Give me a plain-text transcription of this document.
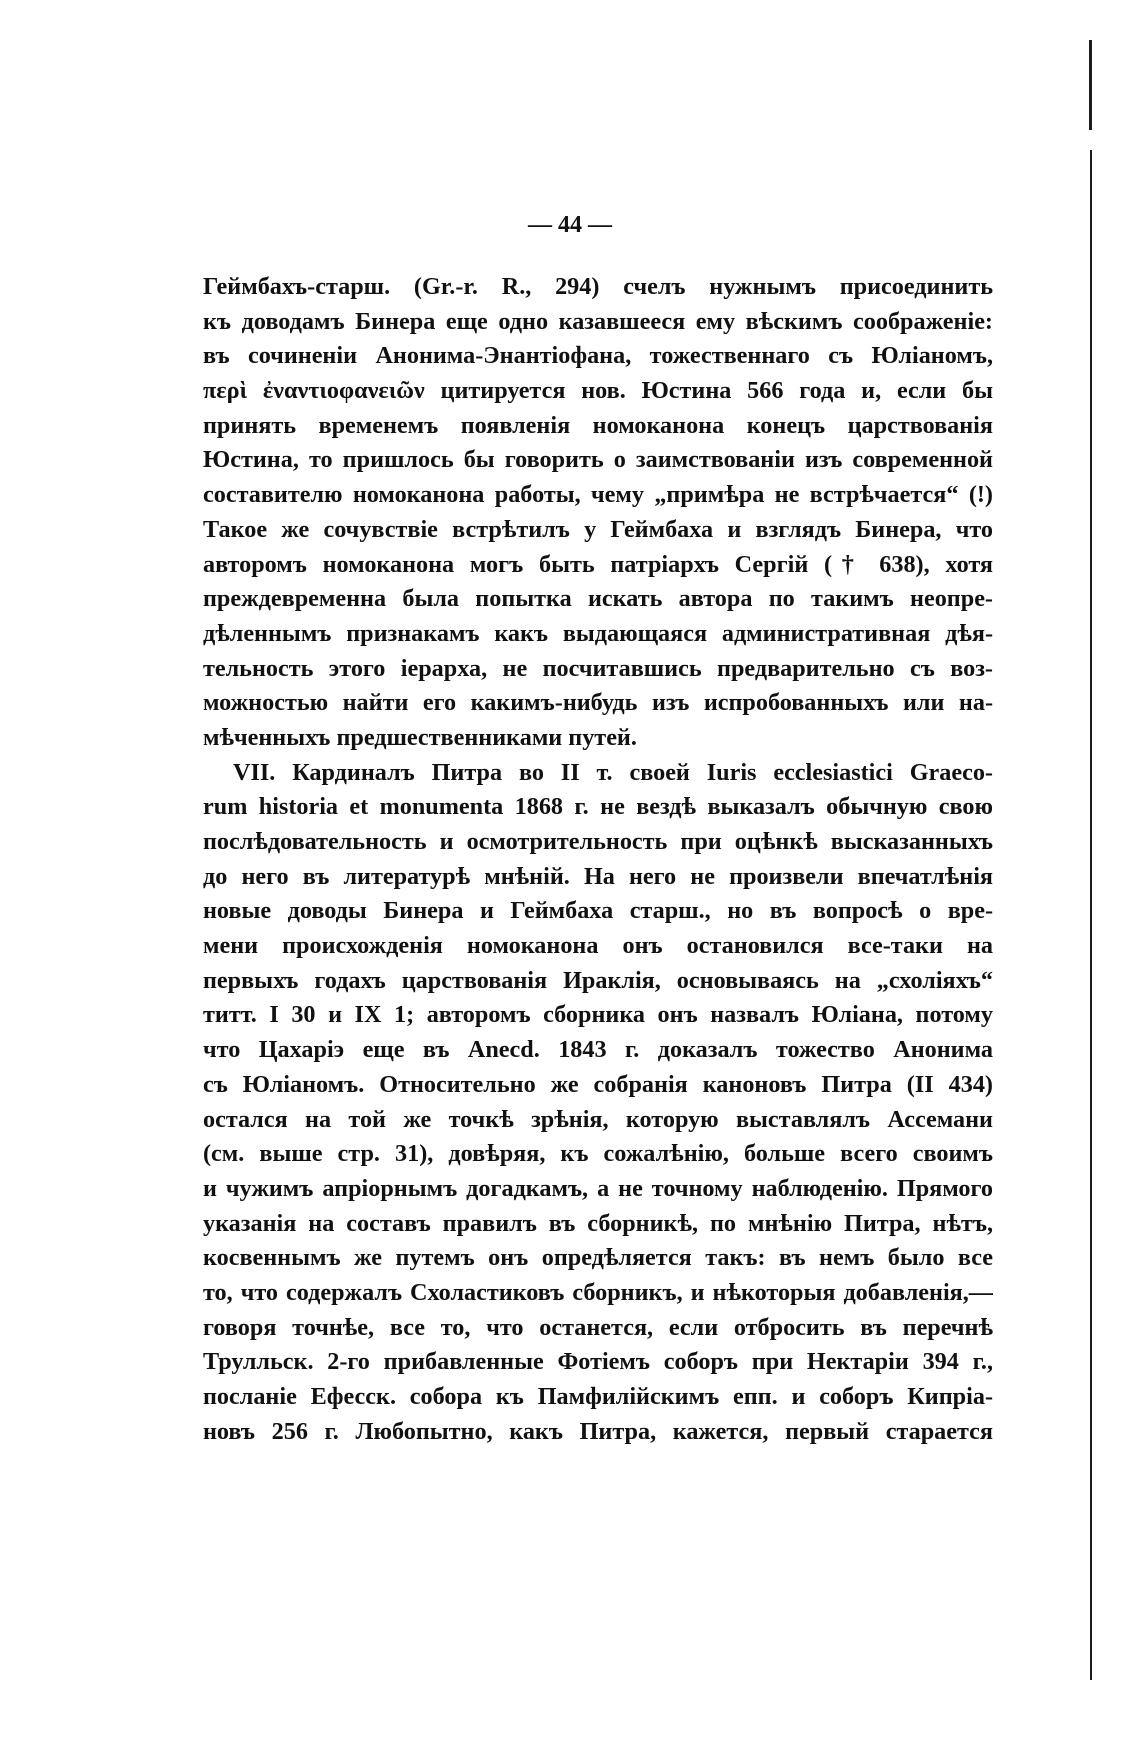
— 44 —
Геймбахъ-старш. (Gr.-r. R., 294) счелъ нужнымъ присоединить
къ доводамъ Бинера еще одно казавшееся ему вѣскимъ соображеніе:
въ сочиненіи Анонима-Энантіофана, тожественнаго съ Юліаномъ,
περὶ ἐναντιοφανειῶν цитируется нов. Юстина 566 года и, если бы
принять временемъ появленія номоканона конецъ царствованія
Юстина, то пришлось бы говорить о заимствованіи изъ современной
составителю номоканона работы, чему „примѣра не встрѣчается“ (!)
Такое же сочувствіе встрѣтилъ у Геймбаха и взглядъ Бинера, что
авторомъ номоканона могъ быть патріархъ Сергій († 638), хотя
преждевременна была попытка искать автора по такимъ неопре-
дѣленнымъ признакамъ какъ выдающаяся административная дѣя-
тельность этого іерарха, не посчитавшись предварительно съ воз-
можностью найти его какимъ-нибудь изъ испробованныхъ или на-
мѣченныхъ предшественниками путей.
VII. Кардиналъ Питра во II т. своей Iuris ecclesiastici Graeco-
rum historia et monumenta 1868 г. не вездѣ выказалъ обычную свою
послѣдовательность и осмотрительность при оцѣнкѣ высказанныхъ
до него въ литературѣ мнѣній. На него не произвели впечатлѣнія
новые доводы Бинера и Геймбаха старш., но въ вопросѣ о вре-
мени происхожденія номоканона онъ остановился все-таки на
первыхъ годахъ царствованія Ираклія, основываясь на „схоліяхъ“
титт. I 30 и IX 1; авторомъ сборника онъ назвалъ Юліана, потому
что Цахаріэ еще въ Anecd. 1843 г. доказалъ тожество Анонима
съ Юліаномъ. Относительно же собранія каноновъ Питра (II 434)
остался на той же точкѣ зрѣнія, которую выставлялъ Ассемани
(см. выше стр. 31), довѣряя, къ сожалѣнію, больше всего своимъ
и чужимъ апріорнымъ догадкамъ, а не точному наблюденію. Прямого
указанія на составъ правилъ въ сборникѣ, по мнѣнію Питра, нѣтъ,
косвеннымъ же путемъ онъ опредѣляется такъ: въ немъ было все
то, что содержалъ Схоластиковъ сборникъ, и нѣкоторыя добавленія,—
говоря точнѣе, все то, что останется, если отбросить въ перечнѣ
Трулльск. 2-го прибавленные Фотіемъ соборъ при Нектаріи 394 г.,
посланіе Ефесск. собора къ Памфилійскимъ епп. и соборъ Кипріа-
новъ 256 г. Любопытно, какъ Питра, кажется, первый старается
